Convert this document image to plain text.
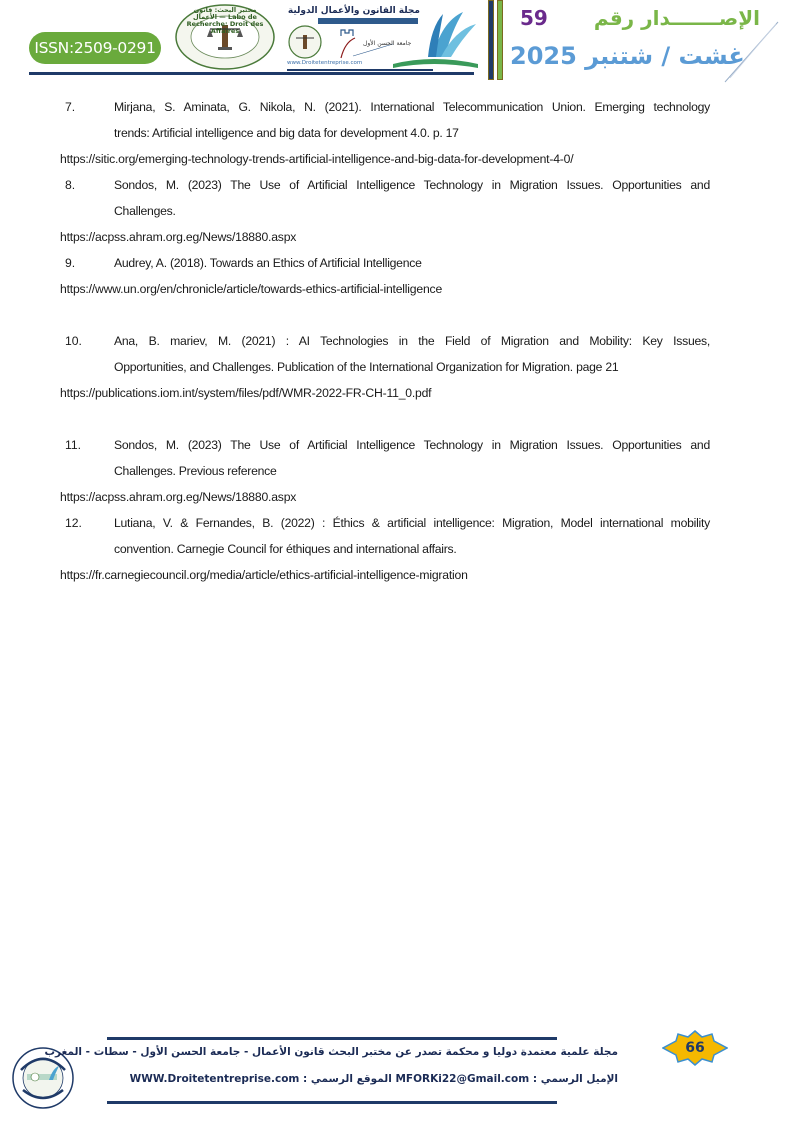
ISSN:2509-0291
مختبر البحث: قانون الأعمال — Labo de Recherche: Droit des Affaires
مجلة القانون والأعمال الدولية
جامعة الحسن الأول
www.Droitetentreprise.com
الإصـــــــدار رقم
59
غشت / شتنبر 2025
7.	Mirjana, S. Aminata, G. Nikola, N. (2021). International Telecommunication Union. Emerging technology
trends: Artificial intelligence and big data for development 4.0. p. 17
https://sitic.org/emerging-technology-trends-artificial-intelligence-and-big-data-for-development-4-0/
8.	Sondos, M. (2023) The Use of Artificial Intelligence Technology in Migration Issues. Opportunities and
Challenges.
https://acpss.ahram.org.eg/News/18880.aspx
9.	Audrey, A. (2018). Towards an Ethics of Artificial Intelligence
https://www.un.org/en/chronicle/article/towards-ethics-artificial-intelligence
10.	Ana, B. mariev, M. (2021) : AI Technologies in the Field of Migration and Mobility: Key Issues,
Opportunities, and Challenges. Publication of the International Organization for Migration. page 21
https://publications.iom.int/system/files/pdf/WMR-2022-FR-CH-11_0.pdf
11.	Sondos, M. (2023) The Use of Artificial Intelligence Technology in Migration Issues. Opportunities and
Challenges. Previous reference
https://acpss.ahram.org.eg/News/18880.aspx
12.	Lutiana, V. & Fernandes, B. (2022) : Éthics & artificial intelligence: Migration, Model international mobility
convention. Carnegie Council for éthiques and international affairs.
https://fr.carnegiecouncil.org/media/article/ethics-artificial-intelligence-migration
مجلة علمية معتمدة دوليا و محكمة تصدر عن مختبر البحث قانون الأعمال - جامعة الحسن الأول - سطات - المغرب
الإميل الرسمي : MFORKi22@Gmail.com الموقع الرسمي : WWW.Droitetentreprise.com
66
